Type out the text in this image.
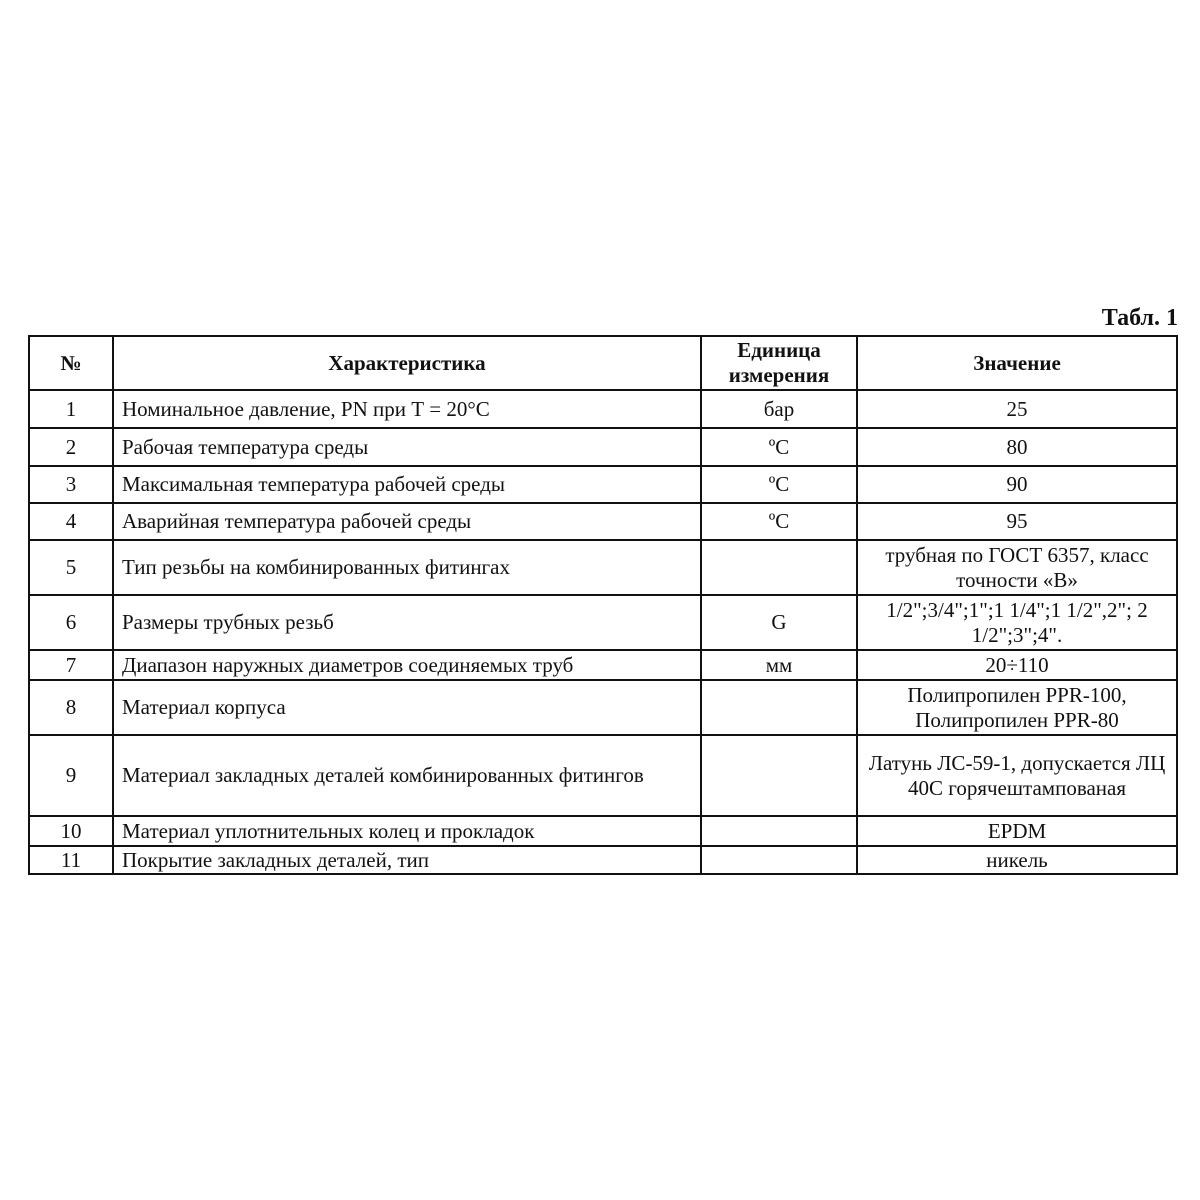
Табл. 1
№	Характеристика	Единица измерения	Значение
1	Номинальное давление, PN при Т = 20°С	бар	25
2	Рабочая температура среды	ºС	80
3	Максимальная температура рабочей среды	ºС	90
4	Аварийная температура рабочей среды	ºС	95
5	Тип резьбы на комбинированных фитингах		трубная по ГОСТ 6357, класс точности «В»
6	Размеры трубных резьб	G	1/2";3/4";1";1 1/4";1 1/2",2"; 2 1/2";3";4".
7	Диапазон наружных диаметров соединяемых труб	мм	20÷110
8	Материал корпуса		Полипропилен PPR-100, Полипропилен PPR-80
9	Материал закладных деталей комбинированных фитингов		Латунь ЛС-59-1, допускается ЛЦ 40С горячештампованая
10	Материал уплотнительных колец и прокладок		EPDM
11	Покрытие закладных деталей, тип		никель
